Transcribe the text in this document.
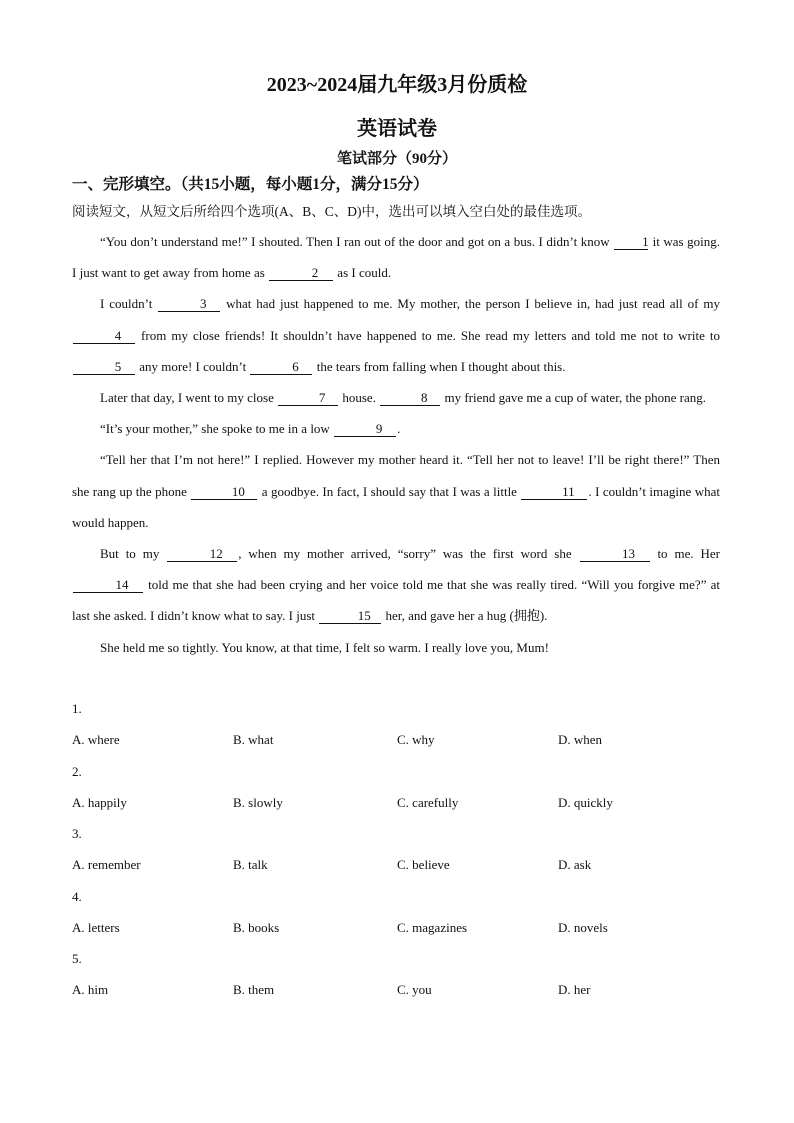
2023~2024届九年级3月份质检
英语试卷
笔试部分（90分）

一、完形填空。（共15小题，每小题1分，满分15分）

阅读短文，从短文后所给四个选项(A、B、C、D)中，选出可以填入空白处的最佳选项。

“You don’t understand me!” I shouted. Then I ran out of the door and got on a bus. I didn’t know 1 it was going. I just want to get away from home as	2 as I could.

I couldn’t	3 what had just happened to me. My mother, the person I believe in, had just read all of my 4 from my close friends! It shouldn’t have happened to me. She read my letters and told me not to write to 5 any more! I couldn’t	6 the tears from falling when I thought about this.

Later that day, I went to my close	7 house.	8 my friend gave me a cup of water, the phone rang.

“It’s your mother,” she spoke to me in a low	9 .

“Tell her that I’m not here!” I replied. However my mother heard it. “Tell her not to leave! I’ll be right there!” Then she rang up the phone	10 a goodbye. In fact, I should say that I was a little	11 . I couldn’t imagine what would happen.

But to my	12 , when my mother arrived, “sorry” was the first word she	13 to me. Her 14 told me that she had been crying and her voice told me that she was really tired. “Will you forgive me?” at last she asked. I didn’t know what to say. I just	15 her, and gave her a hug (拥抱).

She held me so tightly. You know, at that time, I felt so warm. I really love you, Mum!

1.
A. where	B. what	C. why	D. when
2.
A. happily	B. slowly	C. carefully	D. quickly
3.
A. remember	B. talk	C. believe	D. ask
4.
A. letters	B. books	C. magazines	D. novels
5.
A. him	B. them	C. you	D. her
